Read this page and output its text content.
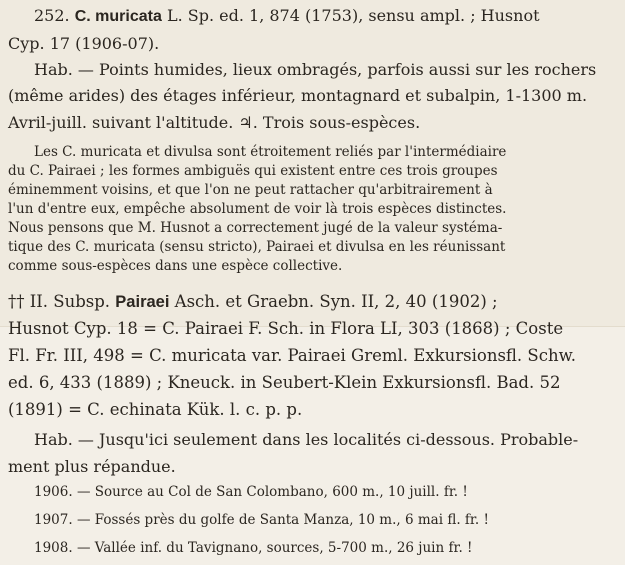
252. C. muricata L. Sp. ed. 1, 874 (1753), sensu ampl. ; Husnot
Cyp. 17 (1906-07).
Hab. — Points humides, lieux ombragés, parfois aussi sur les rochers
(même arides) des étages inférieur, montagnard et subalpin, 1-1300 m.
Avril-juill. suivant l'altitude. ♃. Trois sous-espèces.
Les C. muricata et divulsa sont étroitement reliés par l'intermédiaire
du C. Pairaei ; les formes ambiguës qui existent entre ces trois groupes
éminemment voisins, et que l'on ne peut rattacher qu'arbitrairement à
l'un d'entre eux, empêche absolument de voir là trois espèces distinctes.
Nous pensons que M. Husnot a correctement jugé de la valeur systéma-
tique des C. muricata (sensu stricto), Pairaei et divulsa en les réunissant
comme sous-espèces dans une espèce collective.
†† II. Subsp. Pairaei Asch. et Graebn. Syn. II, 2, 40 (1902) ;
Husnot Cyp. 18 = C. Pairaei F. Sch. in Flora LI, 303 (1868) ; Coste
Fl. Fr. III, 498 = C. muricata var. Pairaei Greml. Exkursionsfl. Schw.
ed. 6, 433 (1889) ; Kneuck. in Seubert-Klein Exkursionsfl. Bad. 52
(1891) = C. echinata Kük. l. c. p. p.
Hab. — Jusqu'ici seulement dans les localités ci-dessous. Probable-
ment plus répandue.
1906. — Source au Col de San Colombano, 600 m., 10 juill. fr. !
1907. — Fossés près du golfe de Santa Manza, 10 m., 6 mai fl. fr. !
1908. — Vallée inf. du Tavignano, sources, 5-700 m., 26 juin fr. !
